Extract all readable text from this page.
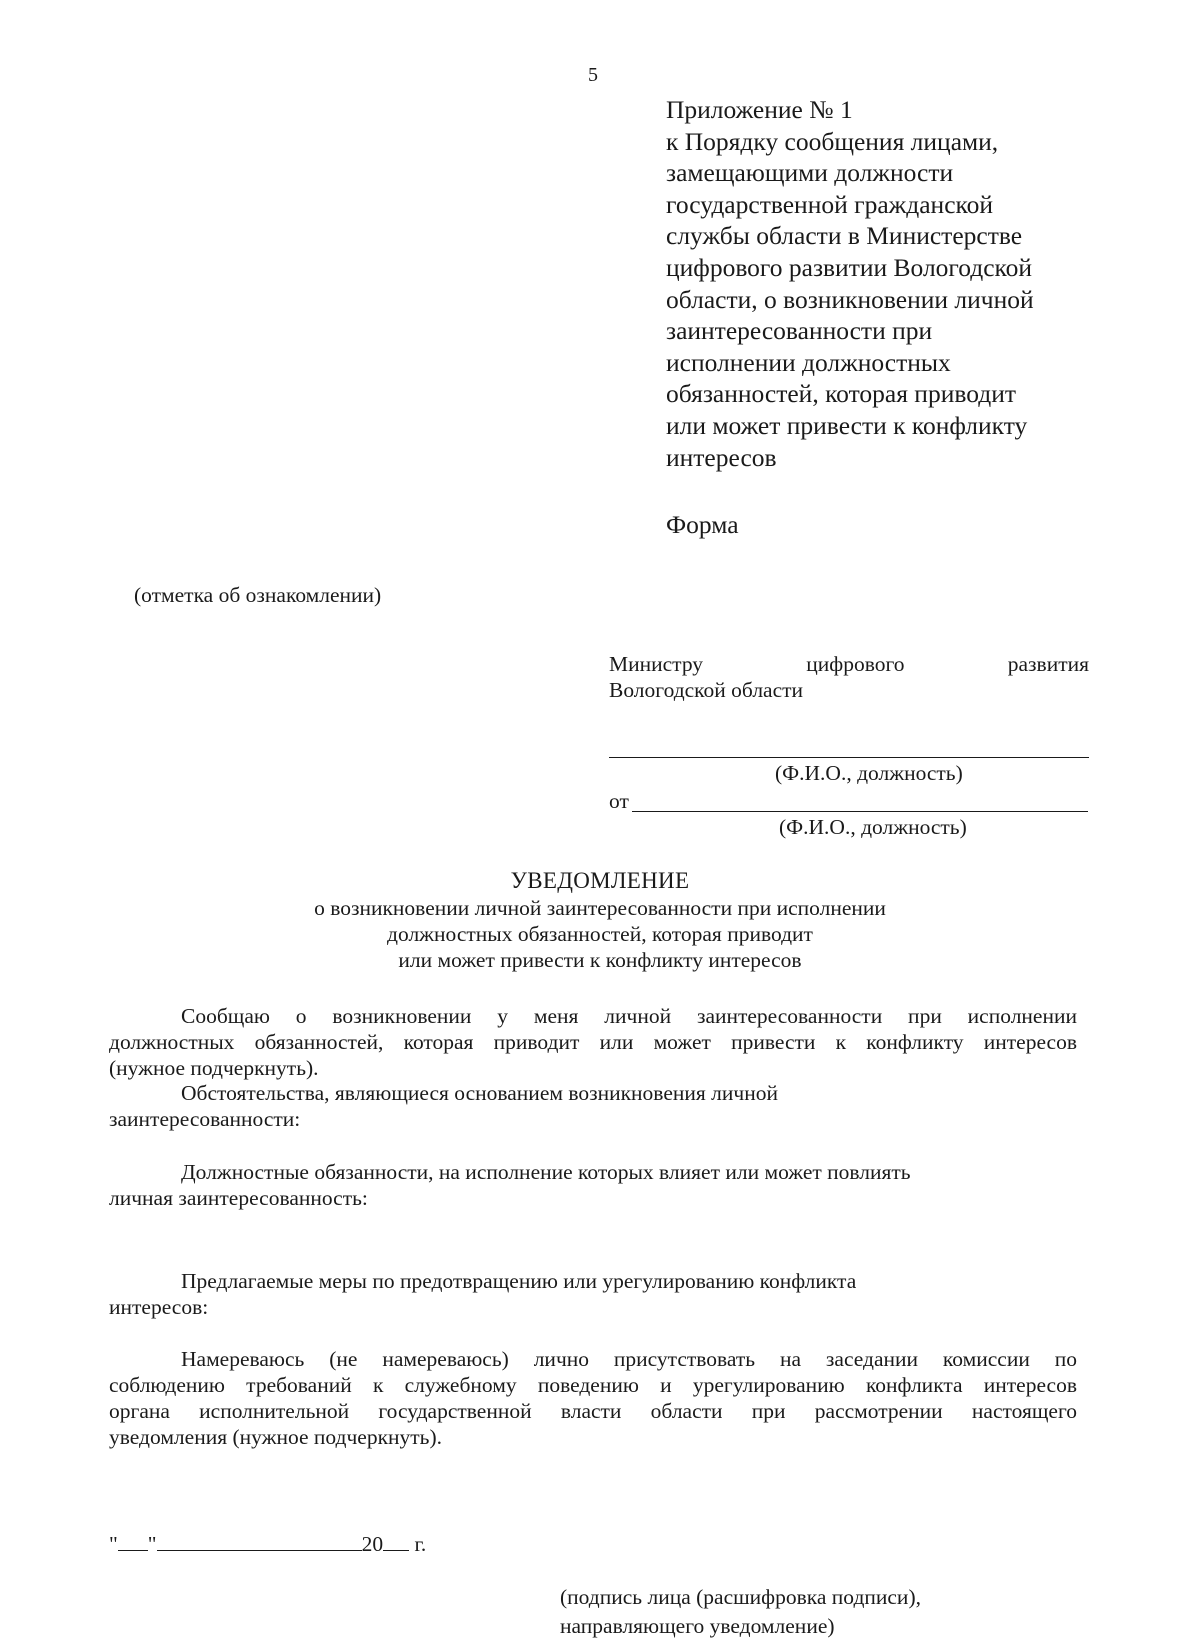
5
Приложение № 1
к Порядку сообщения лицами,
замещающими должности
государственной гражданской
службы области в Министерстве
цифрового развитии Вологодской
области, о возникновении личной
заинтересованности при
исполнении должностных
обязанностей, которая приводит
или может привести к конфликту
интересов
Форма
(отметка об ознакомлении)
Министру	цифрового	развития
Вологодской области
(Ф.И.О., должность)
от
(Ф.И.О., должность)
УВЕДОМЛЕНИЕ
о возникновении личной заинтересованности при исполнении
должностных обязанностей, которая приводит
или может привести к конфликту интересов
Сообщаю о возникновении у меня личной заинтересованности при исполнении
должностных обязанностей, которая приводит или может привести к конфликту интересов
(нужное подчеркнуть).
Обстоятельства, являющиеся основанием возникновения личной
заинтересованности:
Должностные обязанности, на исполнение которых влияет или может повлиять
личная заинтересованность:
Предлагаемые меры по предотвращению или урегулированию конфликта
интересов:
Намереваюсь (не намереваюсь) лично присутствовать на заседании комиссии по
соблюдению требований к служебному поведению и урегулированию конфликта интересов
органа исполнительной государственной власти области при рассмотрении настоящего
уведомления (нужное подчеркнуть).
" "	20 г.
(подпись лица (расшифровка подписи),
направляющего уведомление)
